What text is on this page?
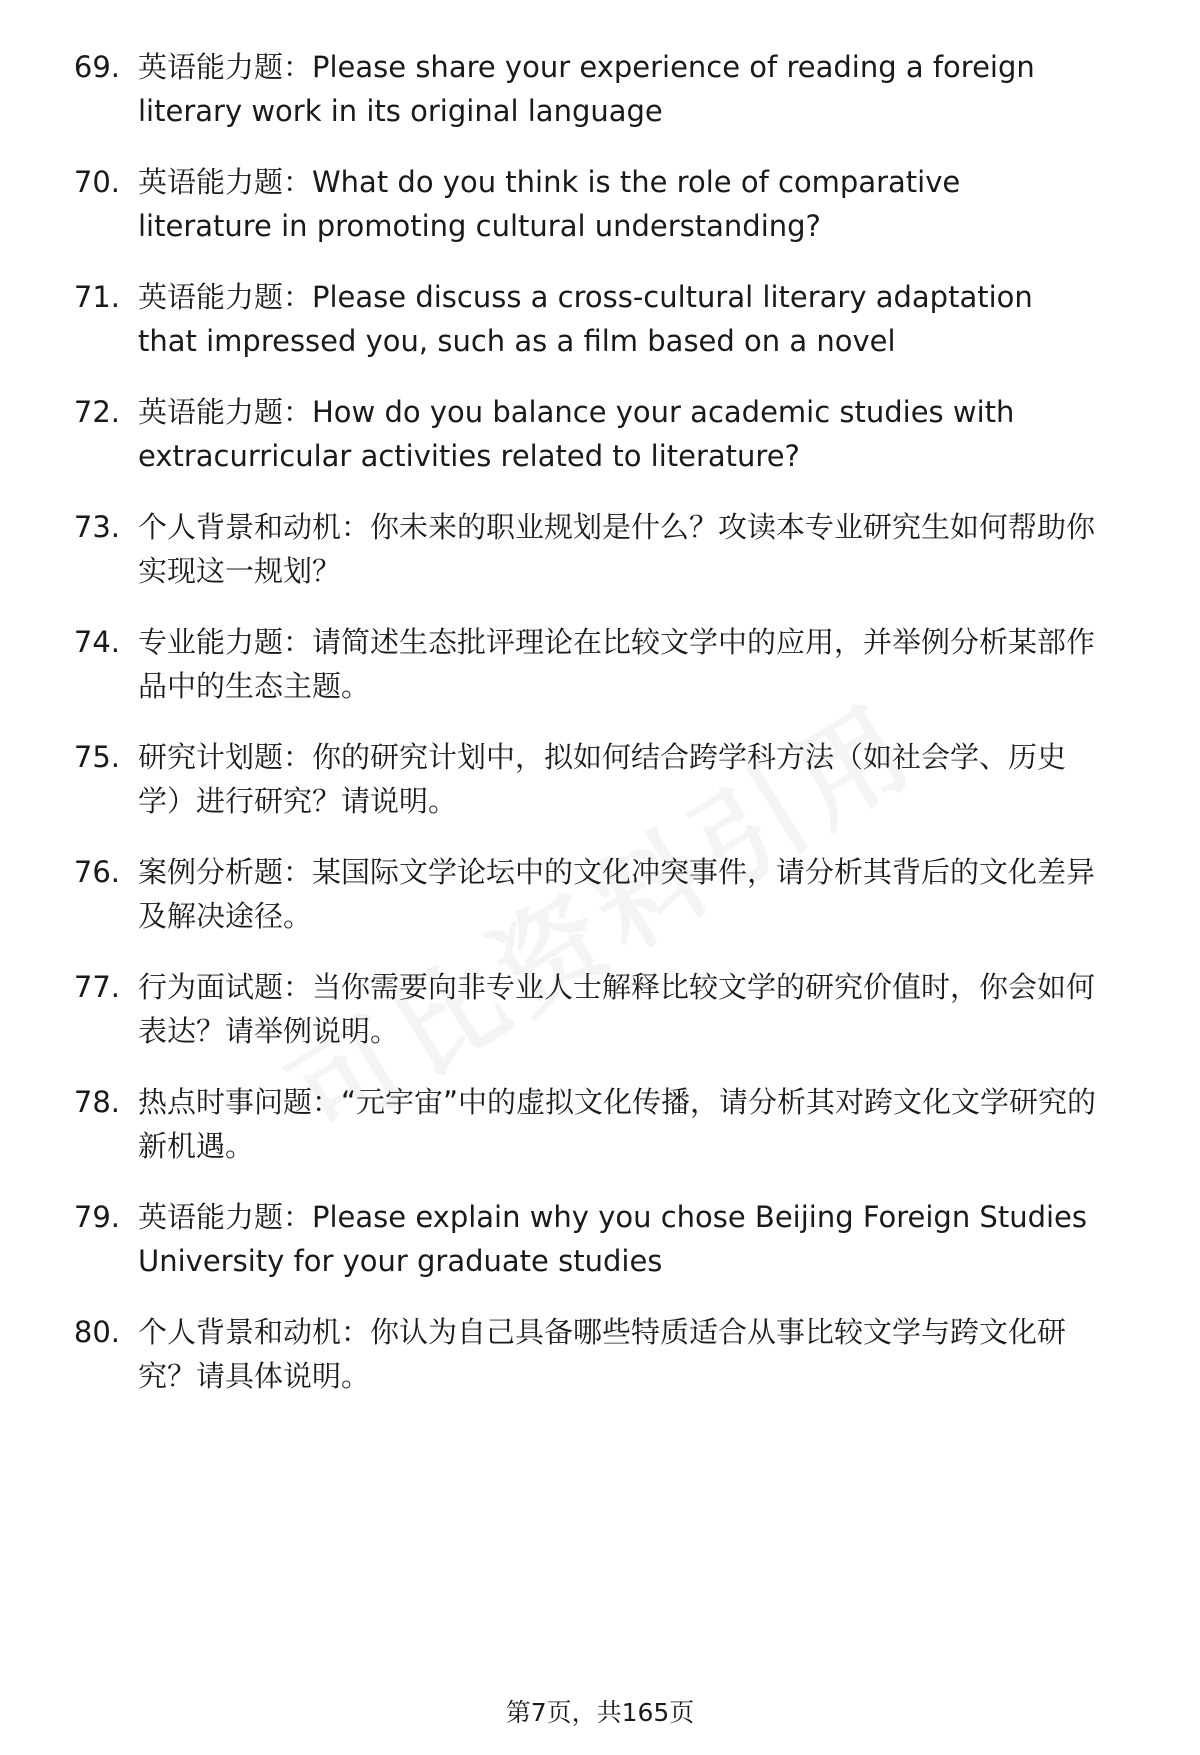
69. 英语能力题：Please share your experience of reading a foreign literary work in its original language
70. 英语能力题：What do you think is the role of comparative literature in promoting cultural understanding?
71. 英语能力题：Please discuss a cross-cultural literary adaptation that impressed you, such as a film based on a novel
72. 英语能力题：How do you balance your academic studies with extracurricular activities related to literature?
73. 个人背景和动机：你未来的职业规划是什么？攻读本专业研究生如何帮助你实现这一规划？
74. 专业能力题：请简述生态批评理论在比较文学中的应用，并举例分析某部作品中的生态主题。
75. 研究计划题：你的研究计划中，拟如何结合跨学科方法（如社会学、历史学）进行研究？请说明。
76. 案例分析题：某国际文学论坛中的文化冲突事件，请分析其背后的文化差异及解决途径。
77. 行为面试题：当你需要向非专业人士解释比较文学的研究价值时，你会如何表达？请举例说明。
78. 热点时事问题：“元宇宙”中的虚拟文化传播，请分析其对跨文化文学研究的新机遇。
79. 英语能力题：Please explain why you chose Beijing Foreign Studies University for your graduate studies
80. 个人背景和动机：你认为自己具备哪些特质适合从事比较文学与跨文化研究？请具体说明。
第7页，共165页
